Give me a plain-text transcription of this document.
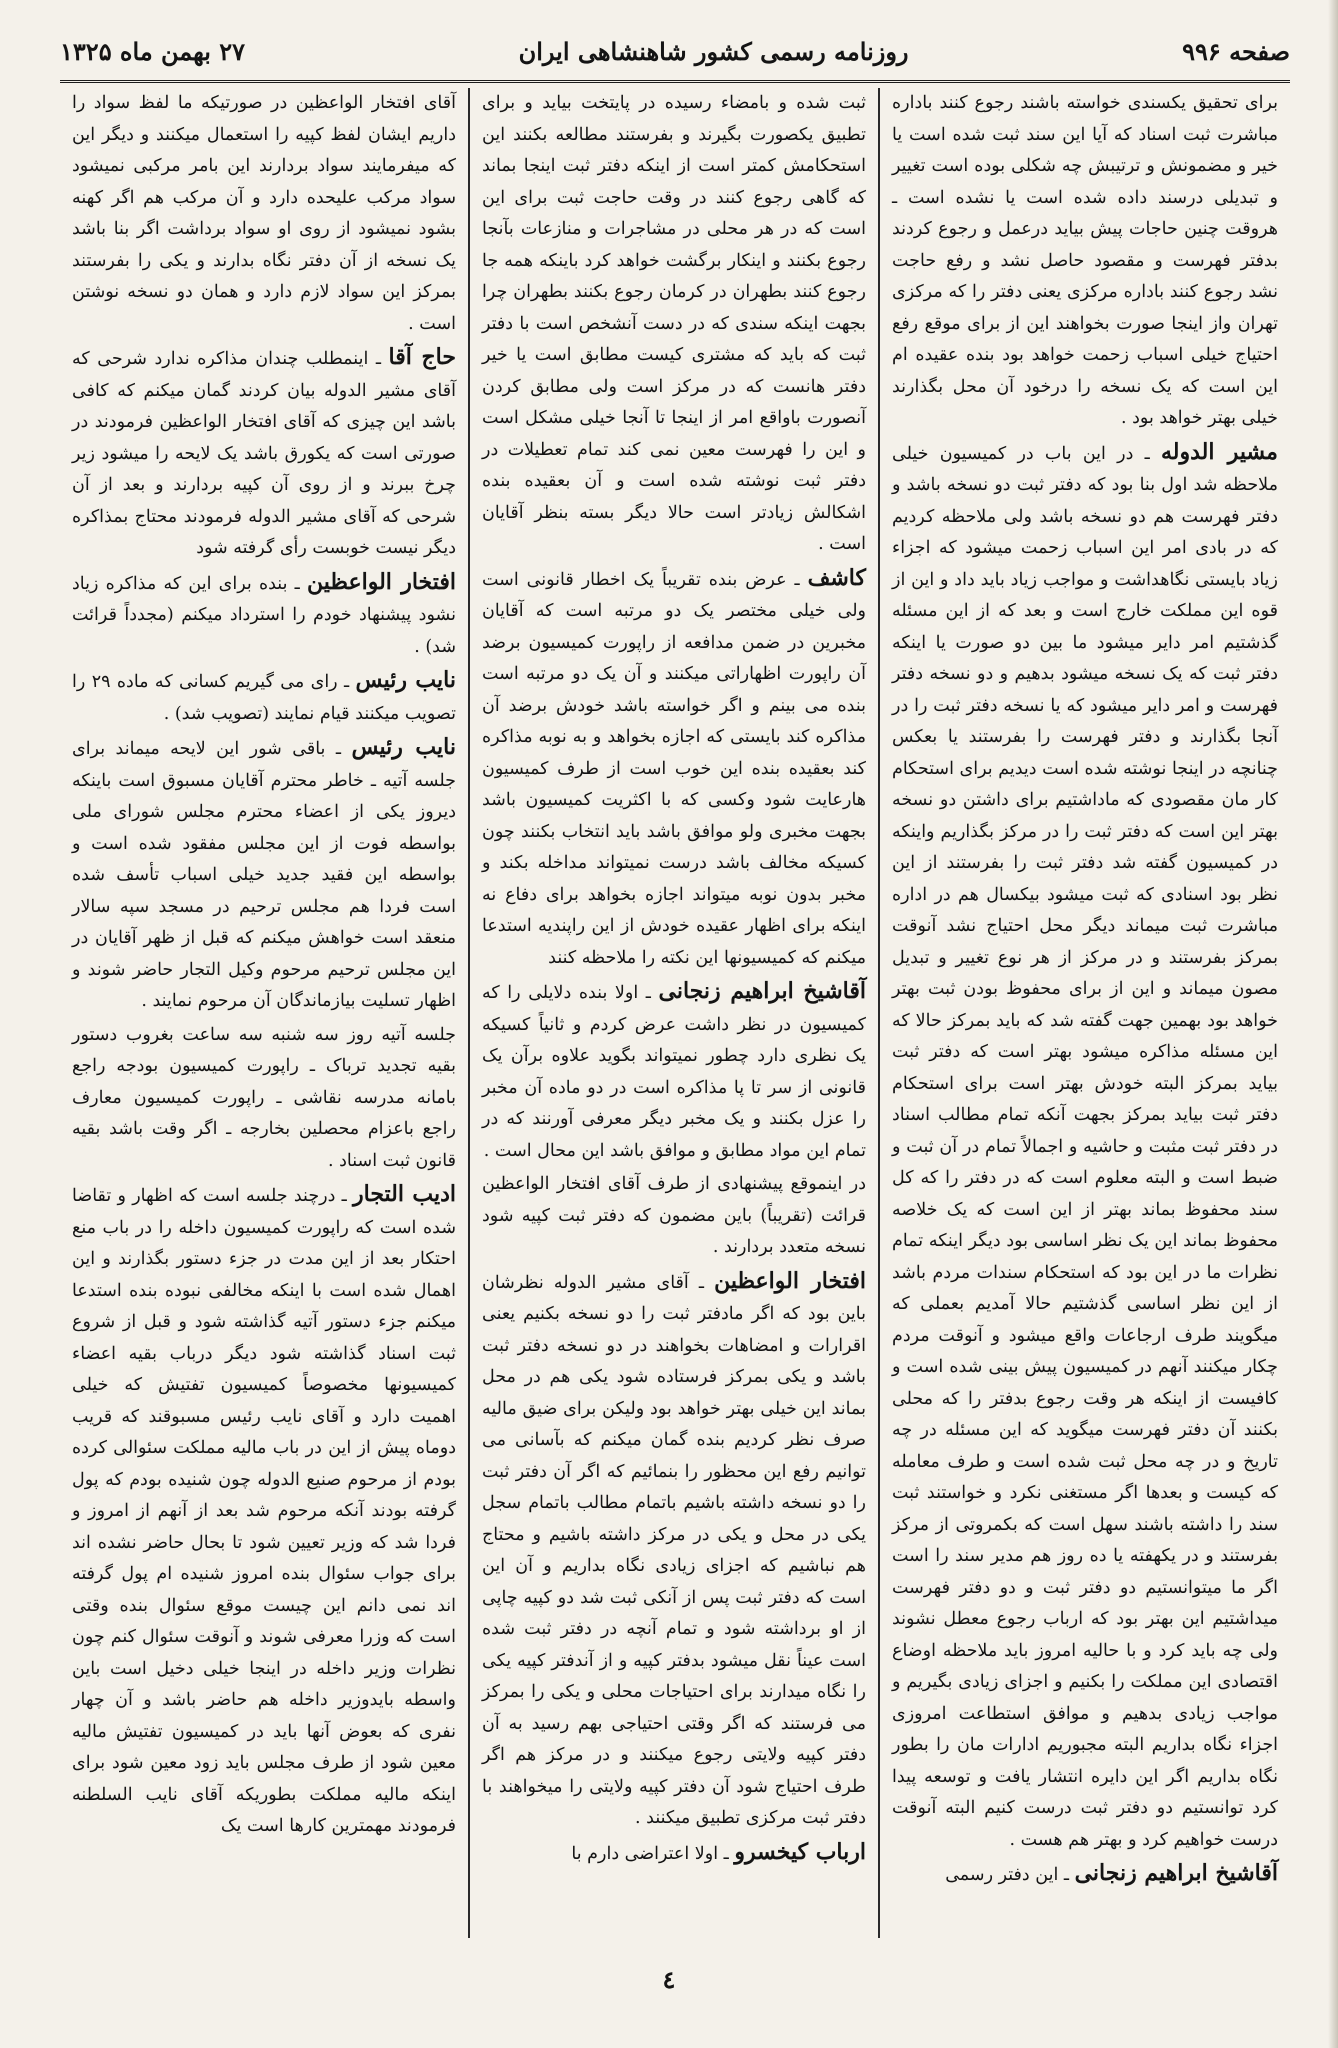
صفحه ۹۹۶
روزنامه رسمی کشور شاهنشاهی ایران
۲۷ بهمن ماه ۱۳۲۵

برای تحقیق یکسندی خواسته باشند رجوع کنند باداره مباشرت ثبت اسناد که آیا این سند ثبت شده است یا خیر و مضمونش و ترتیبش چه شکلی بوده است تغییر و تبدیلی درسند داده شده است یا نشده است ـ هروقت چنین حاجات پیش بیاید درعمل و رجوع کردند بدفتر فهرست و مقصود حاصل نشد و رفع حاجت نشد رجوع کنند باداره مرکزی یعنی دفتر را که مرکزی تهران واز اینجا صورت بخواهند این از برای موقع رفع احتیاج خیلی اسباب زحمت خواهد بود بنده عقیده ام این است که یک نسخه را درخود آن محل بگذارند خیلی بهتر خواهد بود .

مشیر الدوله ـ در این باب در کمیسیون خیلی ملاحظه شد اول بنا بود که دفتر ثبت دو نسخه باشد و دفتر فهرست هم دو نسخه باشد ولی ملاحظه کردیم که در بادی امر این اسباب زحمت میشود که اجزاء زیاد بایستی نگاهداشت و مواجب زیاد باید داد و این از قوه این مملکت خارج است و بعد که از این مسئله گذشتیم امر دایر میشود ما بین دو صورت یا اینکه دفتر ثبت که یک نسخه میشود بدهیم و دو نسخه دفتر فهرست و امر دایر میشود که یا نسخه دفتر ثبت را در آنجا بگذارند و دفتر فهرست را بفرستند یا بعکس چنانچه در اینجا نوشته شده است دیدیم برای استحکام کار مان مقصودی که ماداشتیم برای داشتن دو نسخه بهتر این است که دفتر ثبت را در مرکز بگذاریم واینکه در کمیسیون گفته شد دفتر ثبت را بفرستند از این نظر بود اسنادی که ثبت میشود بیکسال هم در اداره مباشرت ثبت میماند دیگر محل احتیاج نشد آنوقت بمرکز بفرستند و در مرکز از هر نوع تغییر و تبدیل مصون میماند و این از برای محفوظ بودن ثبت بهتر خواهد بود بهمین جهت گفته شد که باید بمرکز حالا که این مسئله مذاکره میشود بهتر است که دفتر ثبت بیاید بمرکز البته خودش بهتر است برای استحکام دفتر ثبت بیاید بمرکز بجهت آنکه تمام مطالب اسناد در دفتر ثبت مثبت و حاشیه و اجمالاً تمام در آن ثبت و ضبط است و البته معلوم است که در دفتر را که کل سند محفوظ بماند بهتر از این است که یک خلاصه محفوظ بماند این یک نظر اساسی بود دیگر اینکه تمام نظرات ما در این بود که استحکام سندات مردم باشد از این نظر اساسی گذشتیم حالا آمدیم بعملی که میگویند طرف ارجاعات واقع میشود و آنوقت مردم چکار میکنند آنهم در کمیسیون پیش بینی شده است و کافیست از اینکه هر وقت رجوع بدفتر را که محلی بکنند آن دفتر فهرست میگوید که این مسئله در چه تاریخ و در چه محل ثبت شده است و طرف معامله که کیست و بعدها اگر مستغنی نکرد و خواستند ثبت سند را داشته باشند سهل است که بکمروتی از مرکز بفرستند و در یکهفته یا ده روز هم مدیر سند را است اگر ما میتوانستیم دو دفتر ثبت و دو دفتر فهرست میداشتیم این بهتر بود که ارباب رجوع معطل نشوند ولی چه باید کرد و با حالیه امروز باید ملاحظه اوضاع اقتصادی این مملکت را بکنیم و اجزای زیادی بگیریم و مواجب زیادی بدهیم و موافق استطاعت امروزی اجزاء نگاه بداریم البته مجبوریم ادارات مان را بطور نگاه بداریم اگر این دایره انتشار یافت و توسعه پیدا کرد توانستیم دو دفتر ثبت درست کنیم البته آنوقت درست خواهیم کرد و بهتر هم هست .

آقاشیخ ابراهیم زنجانی ـ این دفتر رسمی

ثبت شده و بامضاء رسیده در پایتخت بیاید و برای تطبیق یکصورت بگیرند و بفرستند مطالعه بکنند این استحکامش کمتر است از اینکه دفتر ثبت اینجا بماند که گاهی رجوع کنند در وقت حاجت ثبت برای این است که در هر محلی در مشاجرات و منازعات بآنجا رجوع بکنند و اینکار برگشت خواهد کرد باینکه همه جا رجوع کنند بطهران در کرمان رجوع بکنند بطهران چرا بجهت اینکه سندی که در دست آنشخص است با دفتر ثبت که باید که مشتری کیست مطابق است یا خیر دفتر هانست که در مرکز است ولی مطابق کردن آنصورت باواقع امر از اینجا تا آنجا خیلی مشکل است و این را فهرست معین نمی کند تمام تعطیلات در دفتر ثبت نوشته شده است و آن بعقیده بنده اشکالش زیادتر است حالا دیگر بسته بنظر آقایان است .

کاشف ـ عرض بنده تقریباً یک اخطار قانونی است ولی خیلی مختصر یک دو مرتبه است که آقایان مخبرین در ضمن مدافعه از راپورت کمیسیون برضد آن راپورت اظهاراتی میکنند و آن یک دو مرتبه است بنده می بینم و اگر خواسته باشد خودش برضد آن مذاکره کند بایستی که اجازه بخواهد و به نوبه مذاکره کند بعقیده بنده این خوب است از طرف کمیسیون هارعایت شود وکسی که با اکثریت کمیسیون باشد بجهت مخبری ولو موافق باشد باید انتخاب بکنند چون کسیکه مخالف باشد درست نمیتواند مداخله بکند و مخبر بدون نوبه میتواند اجازه بخواهد برای دفاع نه اینکه برای اظهار عقیده خودش از این راپندیه استدعا میکنم که کمیسیونها این نکته را ملاحظه کنند

آقاشیخ ابراهیم زنجانی ـ اولا بنده دلایلی را که کمیسیون در نظر داشت عرض کردم و ثانیاً کسیکه یک نظری دارد چطور نمیتواند بگوید علاوه برآن یک قانونی از سر تا پا مذاکره است در دو ماده آن مخبر را عزل بکنند و یک مخبر دیگر معرفی آورنند که در تمام این مواد مطابق و موافق باشد این محال است .

در اینموقع پیشنهادی از طرف آقای افتخار الواعظین قرائت (تقریباً) باین مضمون که دفتر ثبت کپیه شود نسخه متعدد بردارند .

افتخار الواعظین ـ آقای مشیر الدوله نظرشان باین بود که اگر مادفتر ثبت را دو نسخه بکنیم یعنی اقرارات و امضاهات بخواهند در دو نسخه دفتر ثبت باشد و یکی بمرکز فرستاده شود یکی هم در محل بماند این خیلی بهتر خواهد بود ولیکن برای ضیق مالیه صرف نظر کردیم بنده گمان میکنم که بآسانی می توانیم رفع این محظور را بنمائیم که اگر آن دفتر ثبت را دو نسخه داشته باشیم باتمام مطالب باتمام سجل یکی در محل و یکی در مرکز داشته باشیم و محتاج هم نباشیم که اجزای زیادی نگاه بداریم و آن این است که دفتر ثبت پس از آنکی ثبت شد دو کپیه چاپی از او برداشته شود و تمام آنچه در دفتر ثبت شده است عیناً نقل میشود بدفتر کپیه و از آندفتر کپیه یکی را نگاه میدارند برای احتیاجات محلی و یکی را بمرکز می فرستند که اگر وقتی احتیاجی بهم رسید به آن دفتر کپیه ولایتی رجوع میکنند و در مرکز هم اگر طرف احتیاج شود آن دفتر کپیه ولایتی را میخواهند با دفتر ثبت مرکزی تطبیق میکنند .

ارباب کیخسرو ـ اولا اعتراضی دارم با

آقای افتخار الواعظین در صورتیکه ما لفظ سواد را داریم ایشان لفظ کپیه را استعمال میکنند و دیگر این که میفرمایند سواد بردارند این بامر مرکبی نمیشود سواد مرکب علیحده دارد و آن مرکب هم اگر کهنه بشود نمیشود از روی او سواد برداشت اگر بنا باشد یک نسخه از آن دفتر نگاه بدارند و یکی را بفرستند بمرکز این سواد لازم دارد و همان دو نسخه نوشتن است .

حاج آقا ـ اینمطلب چندان مذاکره ندارد شرحی که آقای مشیر الدوله بیان کردند گمان میکنم که کافی باشد این چیزی که آقای افتخار الواعظین فرمودند در صورتی است که یکورق باشد یک لایحه را میشود زیر چرخ ببرند و از روی آن کپیه بردارند و بعد از آن شرحی که آقای مشیر الدوله فرمودند محتاج بمذاکره دیگر نیست خوبست رأی گرفته شود

افتخار الواعظین ـ بنده برای این که مذاکره زیاد نشود پیشنهاد خودم را استرداد میکنم (مجدداً قرائت شد) .

نایب رئیس ـ رای می گیریم کسانی که ماده ۲۹ را تصویب میکنند قیام نمایند (تصویب شد) .

نایب رئیس ـ باقی شور این لایحه میماند برای جلسه آتیه ـ خاطر محترم آقایان مسبوق است باینکه دیروز یکی از اعضاء محترم مجلس شورای ملی بواسطه فوت از این مجلس مفقود شده است و بواسطه این فقید جدید خیلی اسباب تأسف شده است فردا هم مجلس ترحیم در مسجد سپه سالار منعقد است خواهش میکنم که قبل از ظهر آقایان در این مجلس ترحیم مرحوم وکیل التجار حاضر شوند و اظهار تسلیت بیازماندگان آن مرحوم نمایند .

جلسه آتیه روز سه شنبه سه ساعت بغروب دستور بقیه تجدید ترباک ـ راپورت کمیسیون بودجه راجع بامانه مدرسه نقاشی ـ راپورت کمیسیون معارف راجع باعزام محصلین بخارجه ـ اگر وقت باشد بقیه قانون ثبت اسناد .

ادیب التجار ـ درچند جلسه است که اظهار و تقاضا شده است که راپورت کمیسیون داخله را در باب منع احتکار بعد از این مدت در جزء دستور بگذارند و این اهمال شده است با اینکه مخالفی نبوده بنده استدعا میکنم جزء دستور آتیه گذاشته شود و قبل از شروع ثبت اسناد گذاشته شود دیگر درباب بقیه اعضاء کمیسیونها مخصوصاً کمیسیون تفتیش که خیلی اهمیت دارد و آقای نایب رئیس مسبوقند که قریب دوماه پیش از این در باب مالیه مملکت سئوالی کرده بودم از مرحوم صنیع الدوله چون شنیده بودم که پول گرفته بودند آنکه مرحوم شد بعد از آنهم از امروز و فردا شد که وزیر تعیین شود تا بحال حاضر نشده اند برای جواب سئوال بنده امروز شنیده ام پول گرفته اند نمی دانم این چیست موقع سئوال بنده وقتی است که وزرا معرفی شوند و آنوقت سئوال کنم چون نظرات وزیر داخله در اینجا خیلی دخیل است باین واسطه بایدوزیر داخله هم حاضر باشد و آن چهار نفری که بعوض آنها باید در کمیسیون تفتیش مالیه معین شود از طرف مجلس باید زود معین شود برای اینکه مالیه مملکت بطوریکه آقای نایب السلطنه فرمودند مهمترین کارها است یک

٤
